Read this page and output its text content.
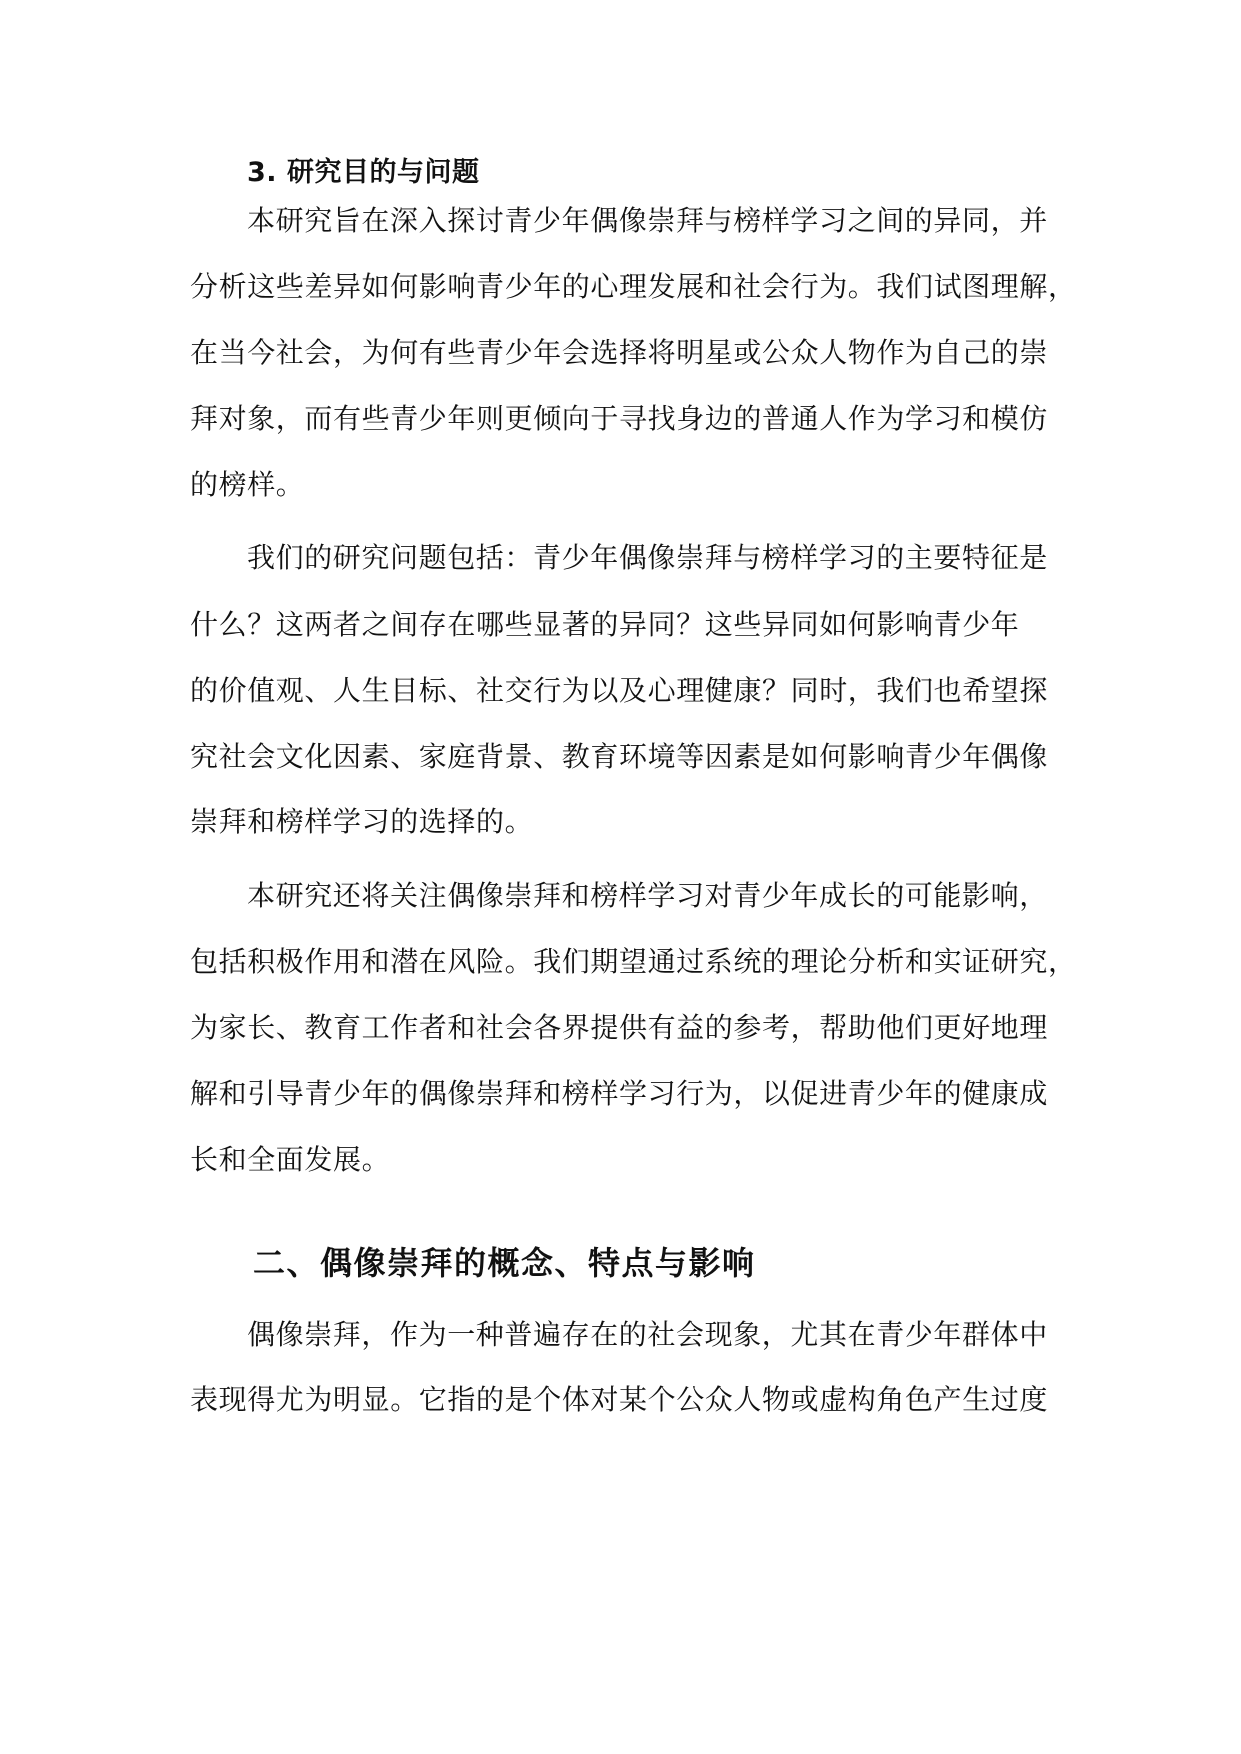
3. 研究目的与问题
本研究旨在深入探讨青少年偶像崇拜与榜样学习之间的异同，并
分析这些差异如何影响青少年的心理发展和社会行为。我们试图理解，
在当今社会，为何有些青少年会选择将明星或公众人物作为自己的崇
拜对象，而有些青少年则更倾向于寻找身边的普通人作为学习和模仿
的榜样。
我们的研究问题包括：青少年偶像崇拜与榜样学习的主要特征是
什么？这两者之间存在哪些显著的异同？这些异同如何影响青少年
的价值观、人生目标、社交行为以及心理健康？同时，我们也希望探
究社会文化因素、家庭背景、教育环境等因素是如何影响青少年偶像
崇拜和榜样学习的选择的。
本研究还将关注偶像崇拜和榜样学习对青少年成长的可能影响，
包括积极作用和潜在风险。我们期望通过系统的理论分析和实证研究，
为家长、教育工作者和社会各界提供有益的参考，帮助他们更好地理
解和引导青少年的偶像崇拜和榜样学习行为，以促进青少年的健康成
长和全面发展。
二、偶像崇拜的概念、特点与影响
偶像崇拜，作为一种普遍存在的社会现象，尤其在青少年群体中
表现得尤为明显。它指的是个体对某个公众人物或虚构角色产生过度
